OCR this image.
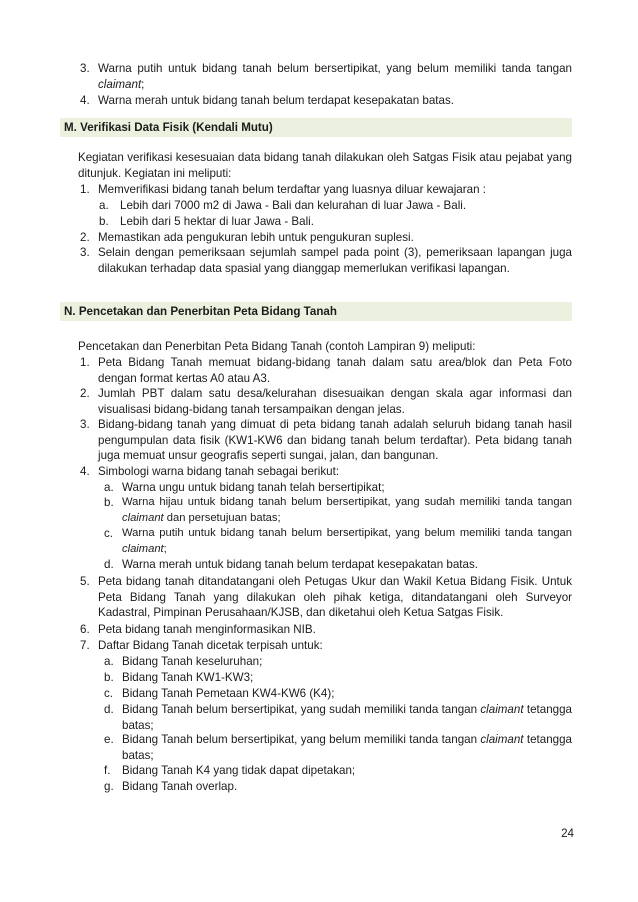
3. Warna putih untuk bidang tanah belum bersertipikat, yang belum memiliki tanda tangan claimant;
4. Warna merah untuk bidang tanah belum terdapat kesepakatan batas.
M. Verifikasi Data Fisik (Kendali Mutu)
Kegiatan verifikasi kesesuaian data bidang tanah dilakukan oleh Satgas Fisik atau pejabat yang ditunjuk. Kegiatan ini meliputi:
1. Memverifikasi bidang tanah belum terdaftar yang luasnya diluar kewajaran :
a. Lebih dari 7000 m2 di Jawa - Bali dan kelurahan di luar Jawa - Bali.
b. Lebih dari 5 hektar di luar Jawa - Bali.
2. Memastikan ada pengukuran lebih untuk pengukuran suplesi.
3. Selain dengan pemeriksaan sejumlah sampel pada point (3), pemeriksaan lapangan juga dilakukan terhadap data spasial yang dianggap memerlukan verifikasi lapangan.
N. Pencetakan dan Penerbitan Peta Bidang Tanah
Pencetakan dan Penerbitan Peta Bidang Tanah (contoh Lampiran 9) meliputi:
1. Peta Bidang Tanah memuat bidang-bidang tanah dalam satu area/blok dan Peta Foto dengan format kertas A0 atau A3.
2. Jumlah PBT dalam satu desa/kelurahan disesuaikan dengan skala agar informasi dan visualisasi bidang-bidang tanah tersampaikan dengan jelas.
3. Bidang-bidang tanah yang dimuat di peta bidang tanah adalah seluruh bidang tanah hasil pengumpulan data fisik (KW1-KW6 dan bidang tanah belum terdaftar). Peta bidang tanah juga memuat unsur geografis seperti sungai, jalan, dan bangunan.
4. Simbologi warna bidang tanah sebagai berikut:
a. Warna ungu untuk bidang tanah telah bersertipikat;
b. Warna hijau untuk bidang tanah belum bersertipikat, yang sudah memiliki tanda tangan claimant dan persetujuan batas;
c. Warna putih untuk bidang tanah belum bersertipikat, yang belum memiliki tanda tangan claimant;
d. Warna merah untuk bidang tanah belum terdapat kesepakatan batas.
5. Peta bidang tanah ditandatangani oleh Petugas Ukur dan Wakil Ketua Bidang Fisik. Untuk Peta Bidang Tanah yang dilakukan oleh pihak ketiga, ditandatangani oleh Surveyor Kadastral, Pimpinan Perusahaan/KJSB, dan diketahui oleh Ketua Satgas Fisik.
6. Peta bidang tanah menginformasikan NIB.
7. Daftar Bidang Tanah dicetak terpisah untuk:
a. Bidang Tanah keseluruhan;
b. Bidang Tanah KW1-KW3;
c. Bidang Tanah Pemetaan KW4-KW6 (K4);
d. Bidang Tanah belum bersertipikat, yang sudah memiliki tanda tangan claimant tetangga batas;
e. Bidang Tanah belum bersertipikat, yang belum memiliki tanda tangan claimant tetangga batas;
f. Bidang Tanah K4 yang tidak dapat dipetakan;
g. Bidang Tanah overlap.
24
